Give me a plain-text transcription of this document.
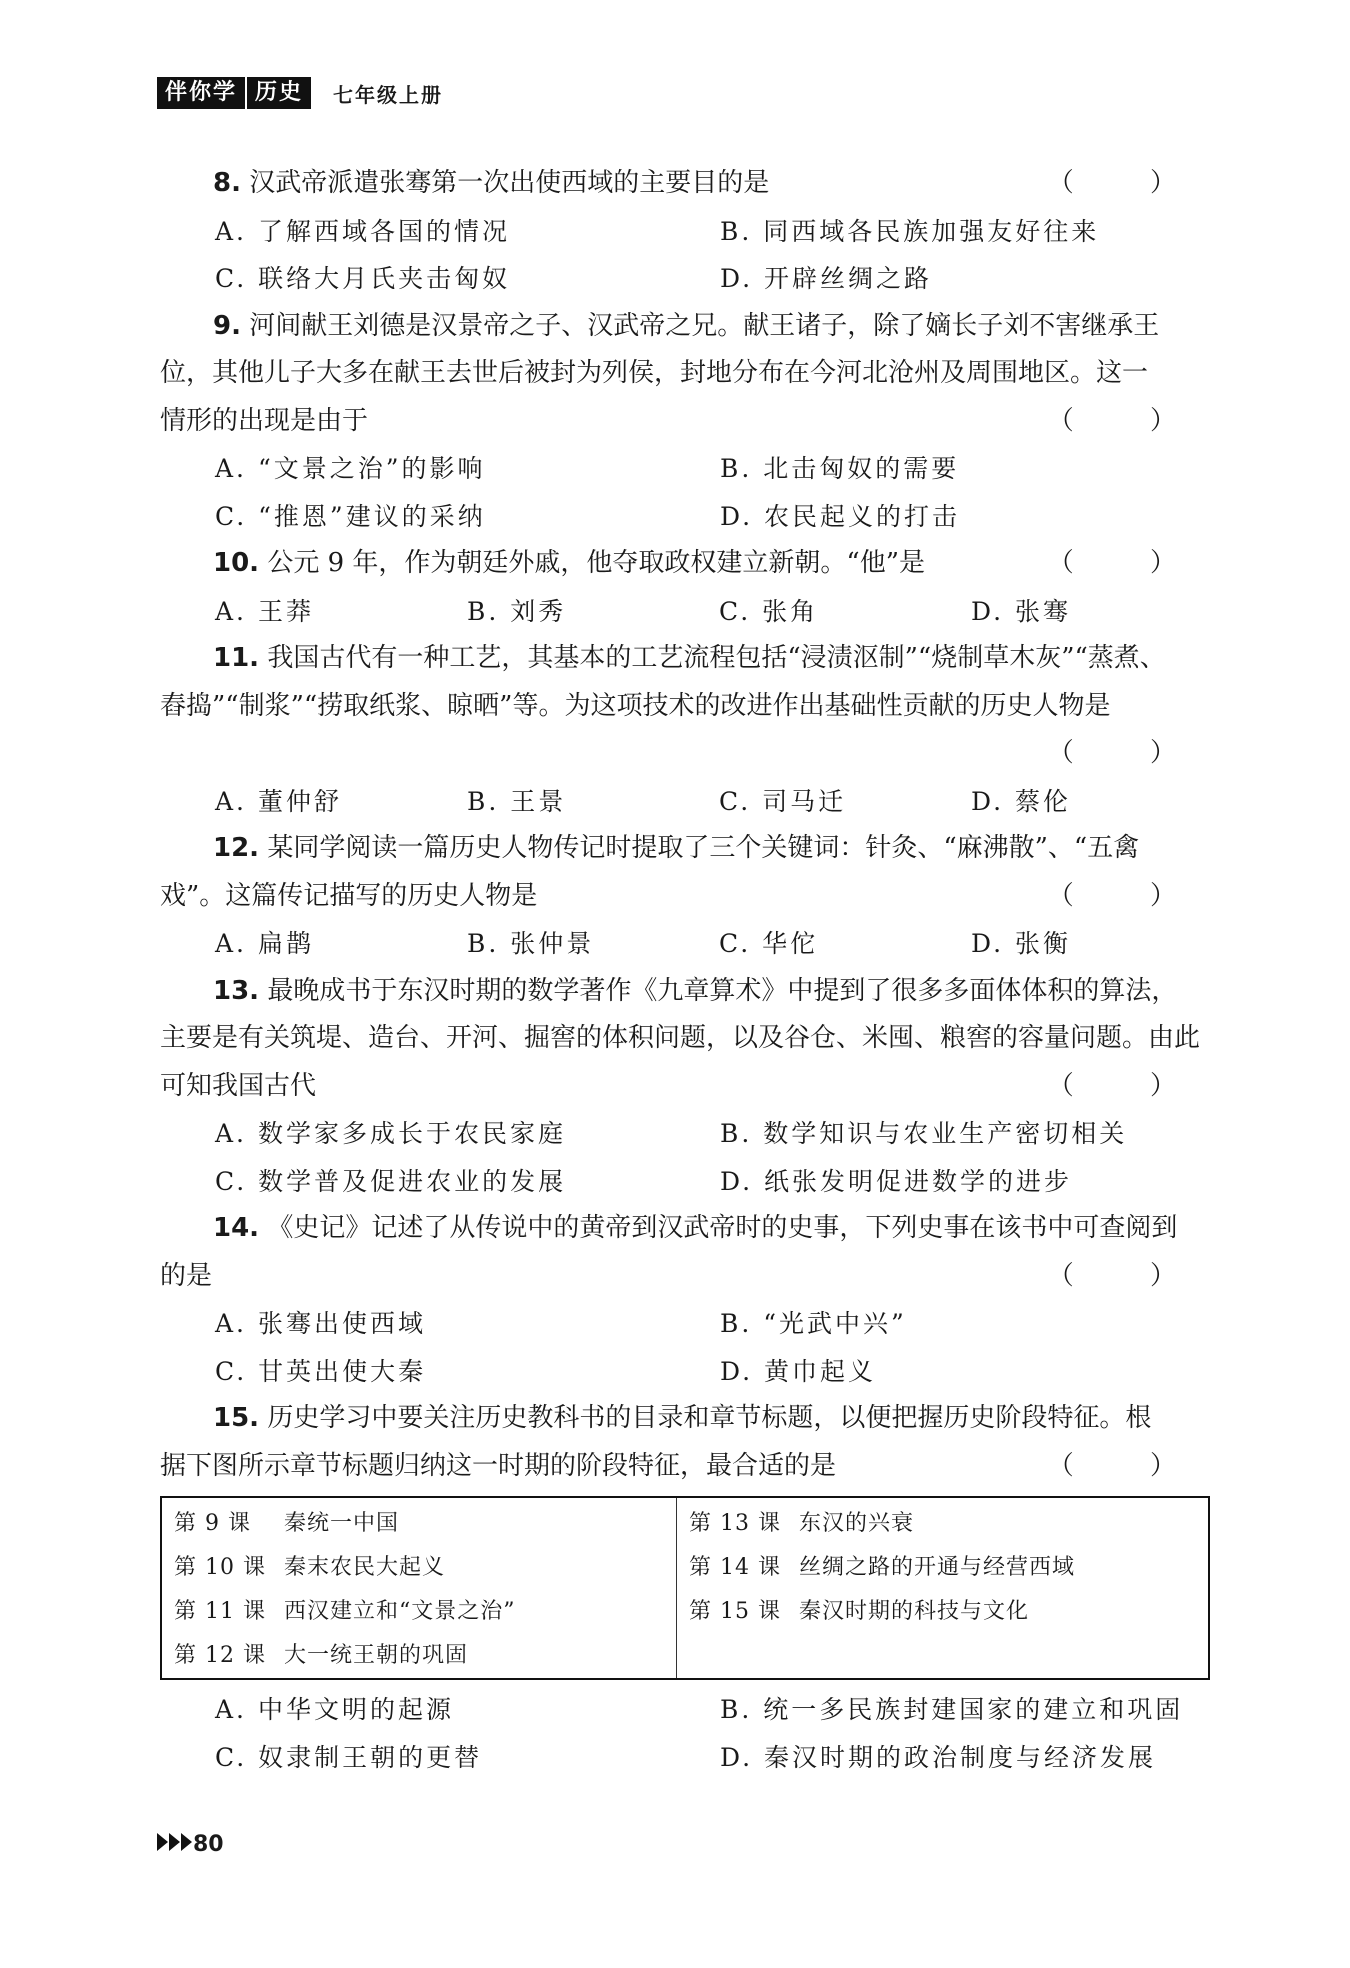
伴你学 历史	七年级上册
8. 汉武帝派遣张骞第一次出使西域的主要目的是	（ ）
A. 了解西域各国的情况	B. 同西域各民族加强友好往来
C. 联络大月氏夹击匈奴	D. 开辟丝绸之路
9. 河间献王刘德是汉景帝之子、汉武帝之兄。献王诸子，除了嫡长子刘不害继承王
位，其他儿子大多在献王去世后被封为列侯，封地分布在今河北沧州及周围地区。这一
情形的出现是由于	（ ）
A. “文景之治”的影响	B. 北击匈奴的需要
C. “推恩”建议的采纳	D. 农民起义的打击
10. 公元 9 年，作为朝廷外戚，他夺取政权建立新朝。“他”是	（ ）
A. 王莽	B. 刘秀	C. 张角	D. 张骞
11. 我国古代有一种工艺，其基本的工艺流程包括“浸渍沤制”“烧制草木灰”“蒸煮、
舂捣”“制浆”“捞取纸浆、晾晒”等。为这项技术的改进作出基础性贡献的历史人物是
（ ）
A. 董仲舒	B. 王景	C. 司马迁	D. 蔡伦
12. 某同学阅读一篇历史人物传记时提取了三个关键词：针灸、“麻沸散”、“五禽
戏”。这篇传记描写的历史人物是	（ ）
A. 扁鹊	B. 张仲景	C. 华佗	D. 张衡
13. 最晚成书于东汉时期的数学著作《九章算术》中提到了很多多面体体积的算法，
主要是有关筑堤、造台、开河、掘窖的体积问题，以及谷仓、米囤、粮窖的容量问题。由此
可知我国古代	（ ）
A. 数学家多成长于农民家庭	B. 数学知识与农业生产密切相关
C. 数学普及促进农业的发展	D. 纸张发明促进数学的进步
14. 《史记》记述了从传说中的黄帝到汉武帝时的史事，下列史事在该书中可查阅到
的是	（ ）
A. 张骞出使西域	B. “光武中兴”
C. 甘英出使大秦	D. 黄巾起义
15. 历史学习中要关注历史教科书的目录和章节标题，以便把握历史阶段特征。根
据下图所示章节标题归纳这一时期的阶段特征，最合适的是	（ ）
第 9 课 秦统一中国
第 10 课 秦末农民大起义
第 11 课 西汉建立和“文景之治”
第 12 课 大一统王朝的巩固
第 13 课 东汉的兴衰
第 14 课 丝绸之路的开通与经营西域
第 15 课 秦汉时期的科技与文化
A. 中华文明的起源	B. 统一多民族封建国家的建立和巩固
C. 奴隶制王朝的更替	D. 秦汉时期的政治制度与经济发展
80
